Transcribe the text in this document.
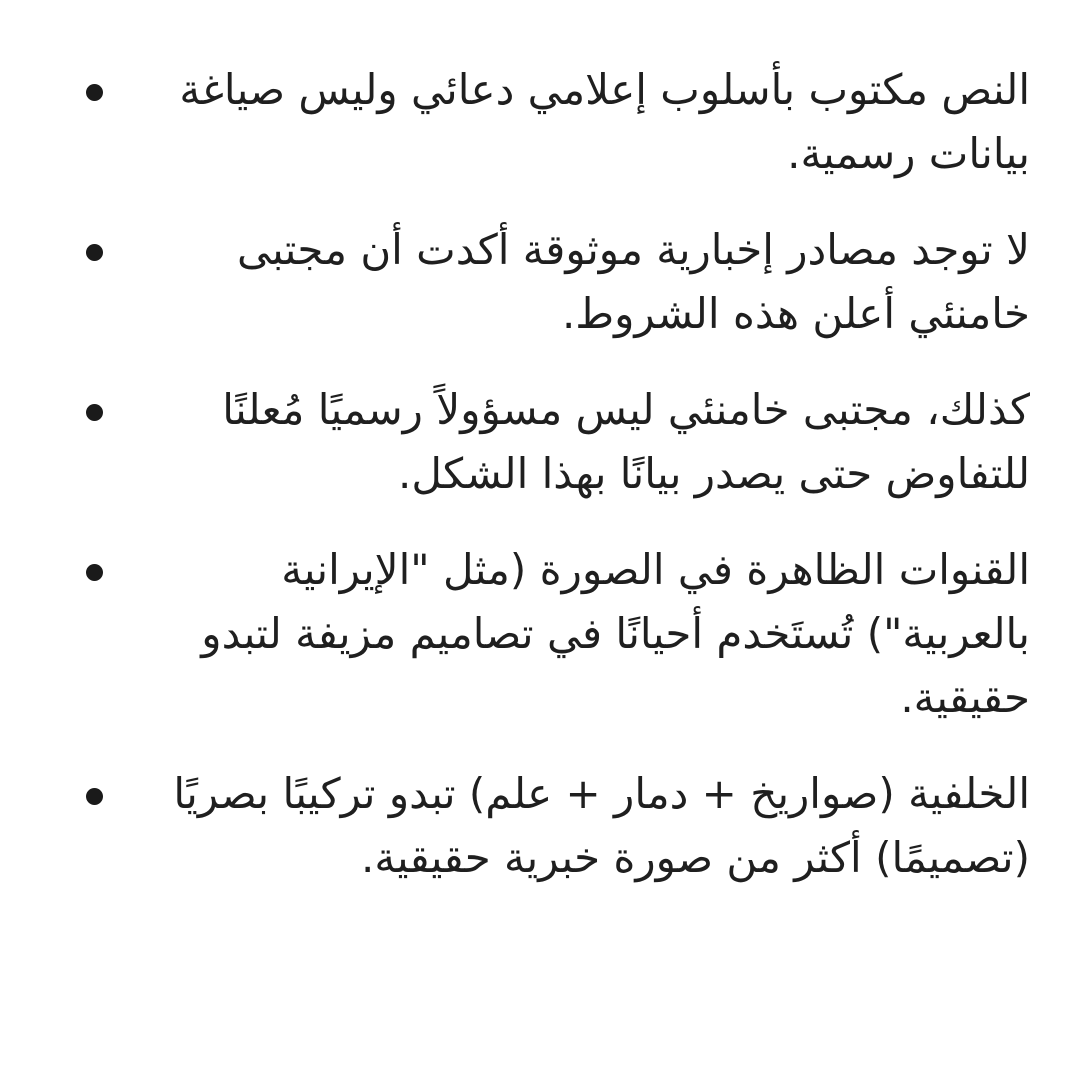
النص مكتوب بأسلوب إعلامي دعائي وليس صياغة بيانات رسمية.
لا توجد مصادر إخبارية موثوقة أكدت أن مجتبى خامنئي أعلن هذه الشروط.
كذلك، مجتبى خامنئي ليس مسؤولاً رسميًا مُعلنًا للتفاوض حتى يصدر بيانًا بهذا الشكل.
القنوات الظاهرة في الصورة (مثل "الإيرانية بالعربية") تُستَخدم أحيانًا في تصاميم مزيفة لتبدو حقيقية.
الخلفية (صواريخ + دمار + علم) تبدو تركيبًا بصريًا (تصميمًا) أكثر من صورة خبرية حقيقية.
